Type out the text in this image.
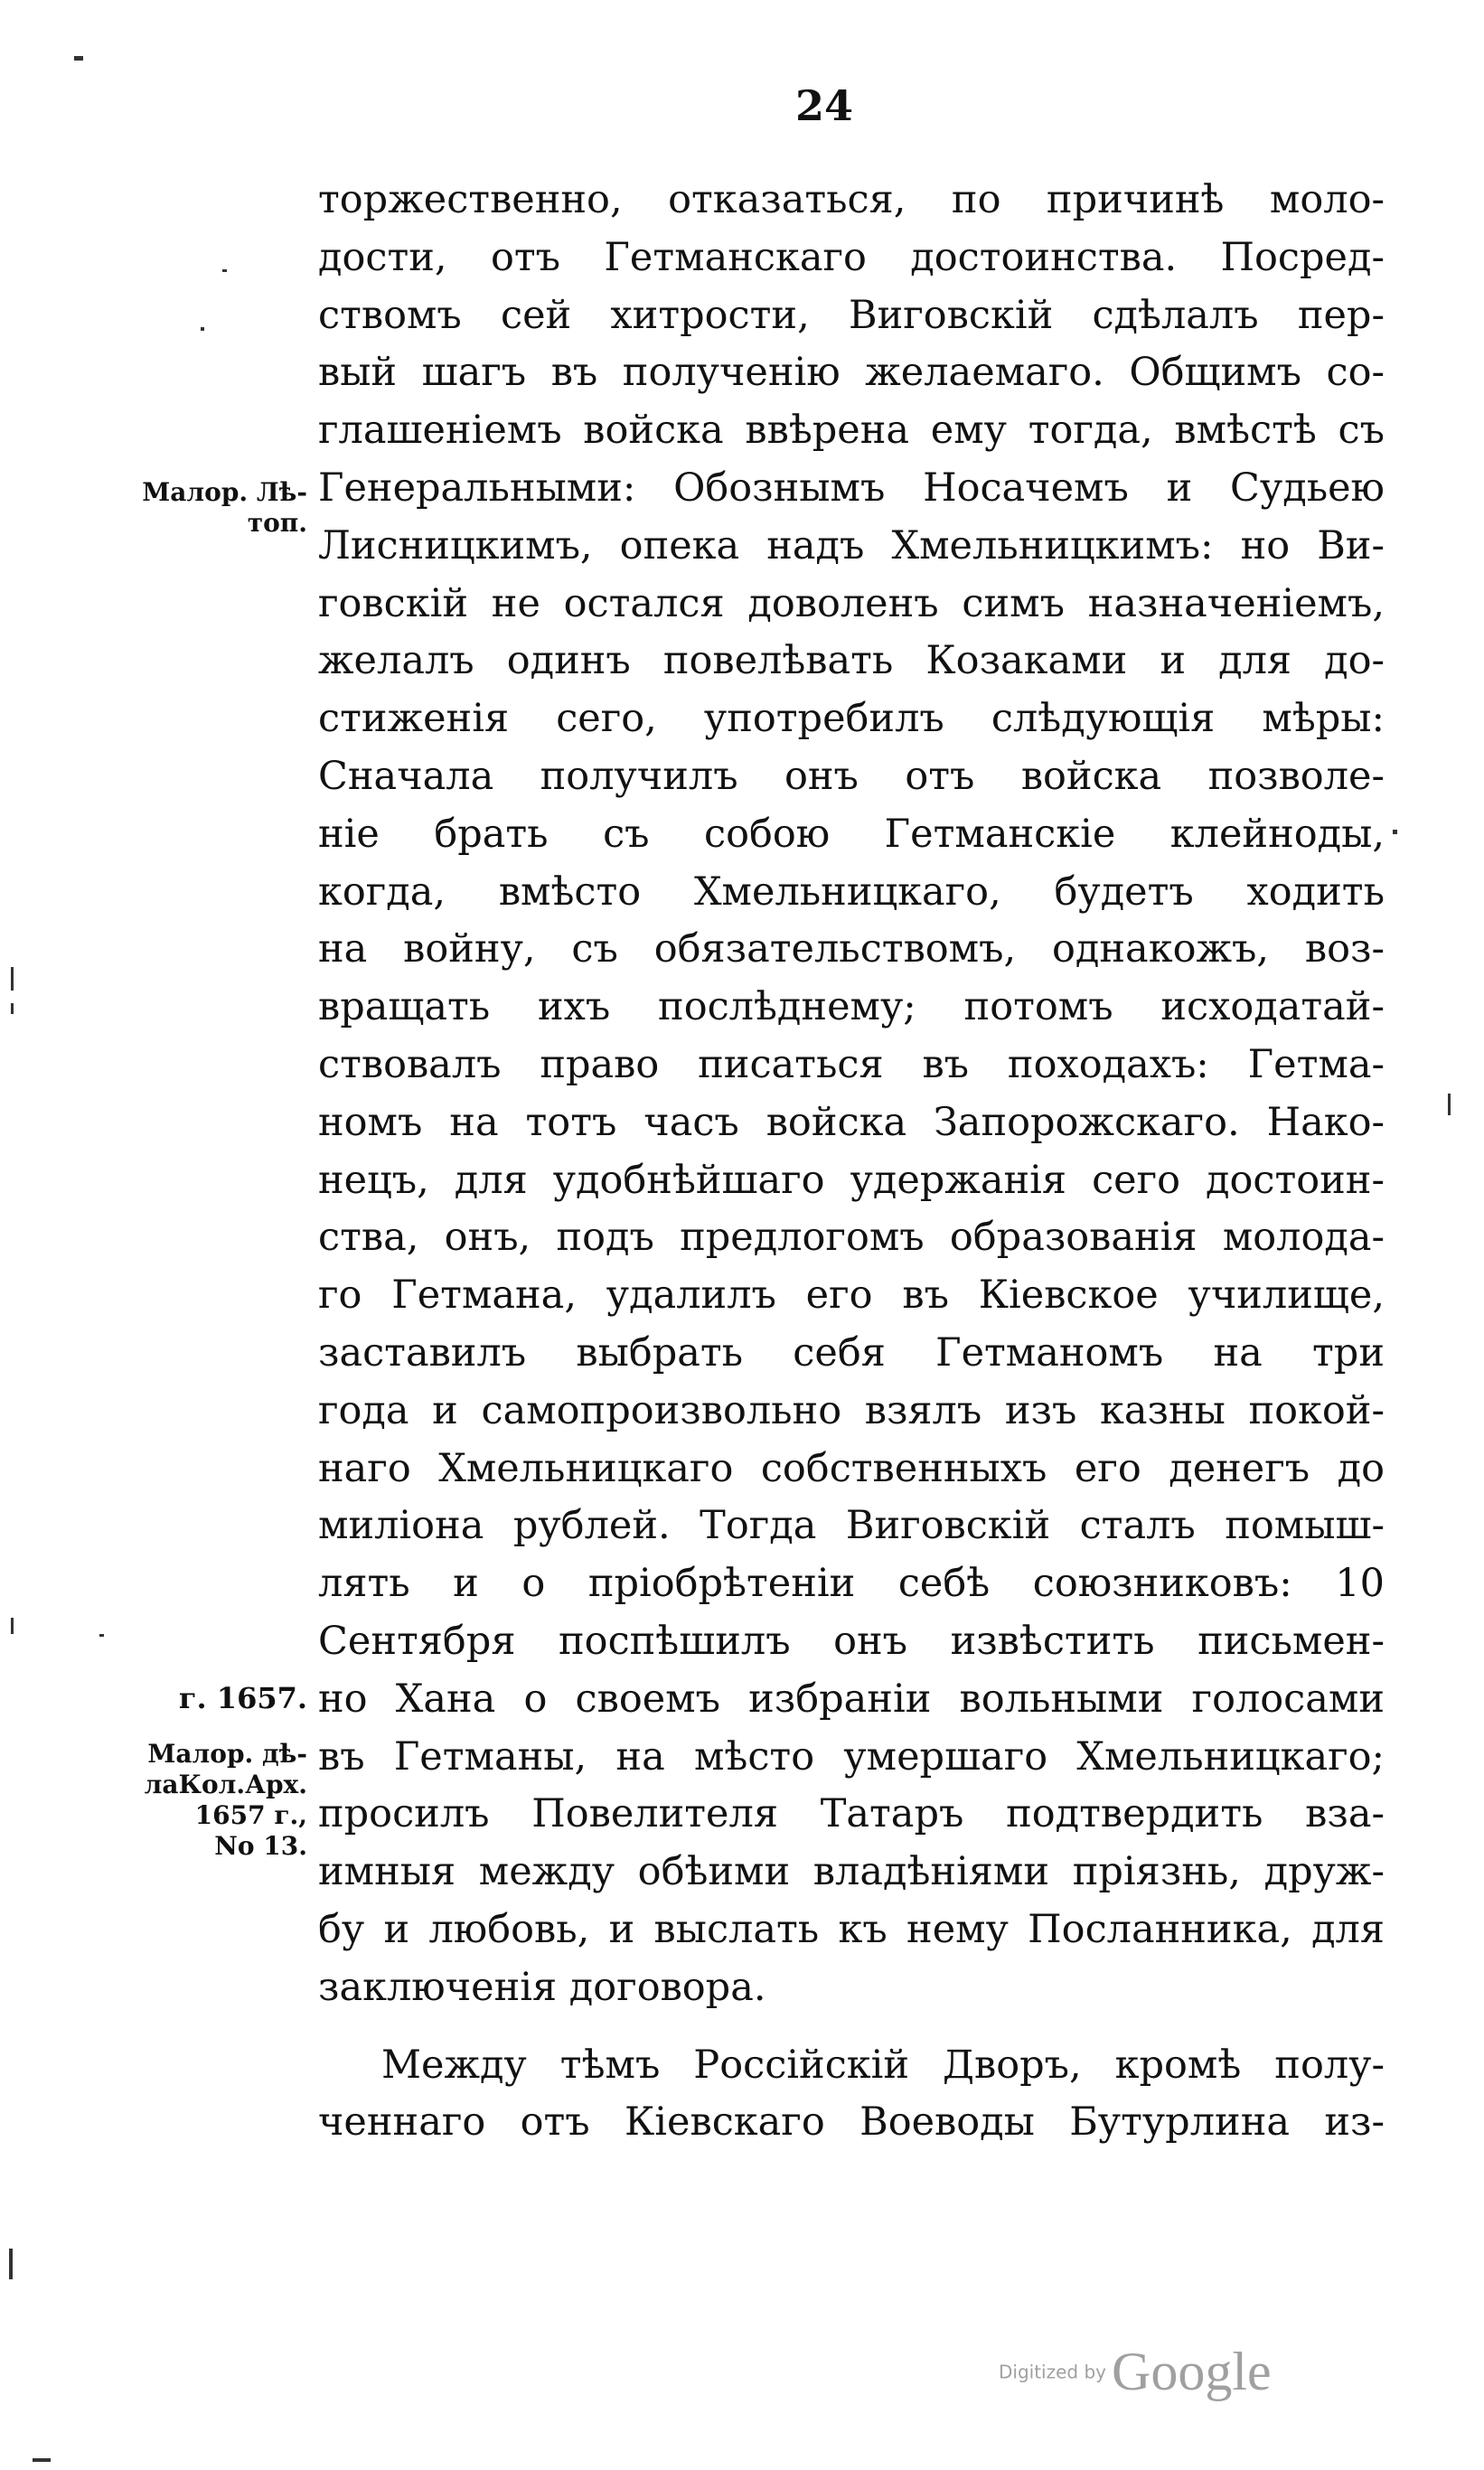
24
торжественно, отказаться, по причинѣ моло-
дости, отъ Гетманскаго достоинства. Посред-
ствомъ сей хитрости, Виговскій сдѣлалъ пер-
вый шагъ въ полученію желаемаго. Общимъ со-
глашеніемъ войска ввѣрена ему тогда, вмѣстѣ съ
Генеральными: Обознымъ Носачемъ и Судьею
Лисницкимъ, опека надъ Хмельницкимъ: но Ви-
говскій не остался доволенъ симъ назначеніемъ,
желалъ одинъ повелѣвать Козаками и для до-
стиженія сего, употребилъ слѣдующія мѣры:
Сначала получилъ онъ отъ войска позволе-
ніе брать съ собою Гетманскіе клейноды,
когда, вмѣсто Хмельницкаго, будетъ ходить
на войну, съ обязательствомъ, однакожъ, воз-
вращать ихъ послѣднему; потомъ исходатай-
ствовалъ право писаться въ походахъ: Гетма-
номъ на тотъ часъ войска Запорожскаго. Нако-
нецъ, для удобнѣйшаго удержанія сего достоин-
ства, онъ, подъ предлогомъ образованія молода-
го Гетмана, удалилъ его въ Кіевское училище,
заставилъ выбрать себя Гетманомъ на три
года и самопроизвольно взялъ изъ казны покой-
наго Хмельницкаго собственныхъ его денегъ до
миліона рублей. Тогда Виговскій сталъ помыш-
лять и о пріобрѣтеніи себѣ союзниковъ: 10
Сентября поспѣшилъ онъ извѣстить письмен-
но Хана о своемъ избраніи вольными голосами
въ Гетманы, на мѣсто умершаго Хмельницкаго;
просилъ Повелителя Татаръ подтвердить вза-
имныя между обѣими владѣніями пріязнь, друж-
бу и любовь, и выслать къ нему Посланника, для
заключенія договора.
Между тѣмъ Россійскій Дворъ, кромѣ полу-
ченнаго отъ Кіевскаго Воеводы Бутурлина из-
Малор. Лѣ-
топ.
г. 1657.
Малор. дѣ-
лаКол.Арх.
1657 г.,
No 13.
Digitized by Google
